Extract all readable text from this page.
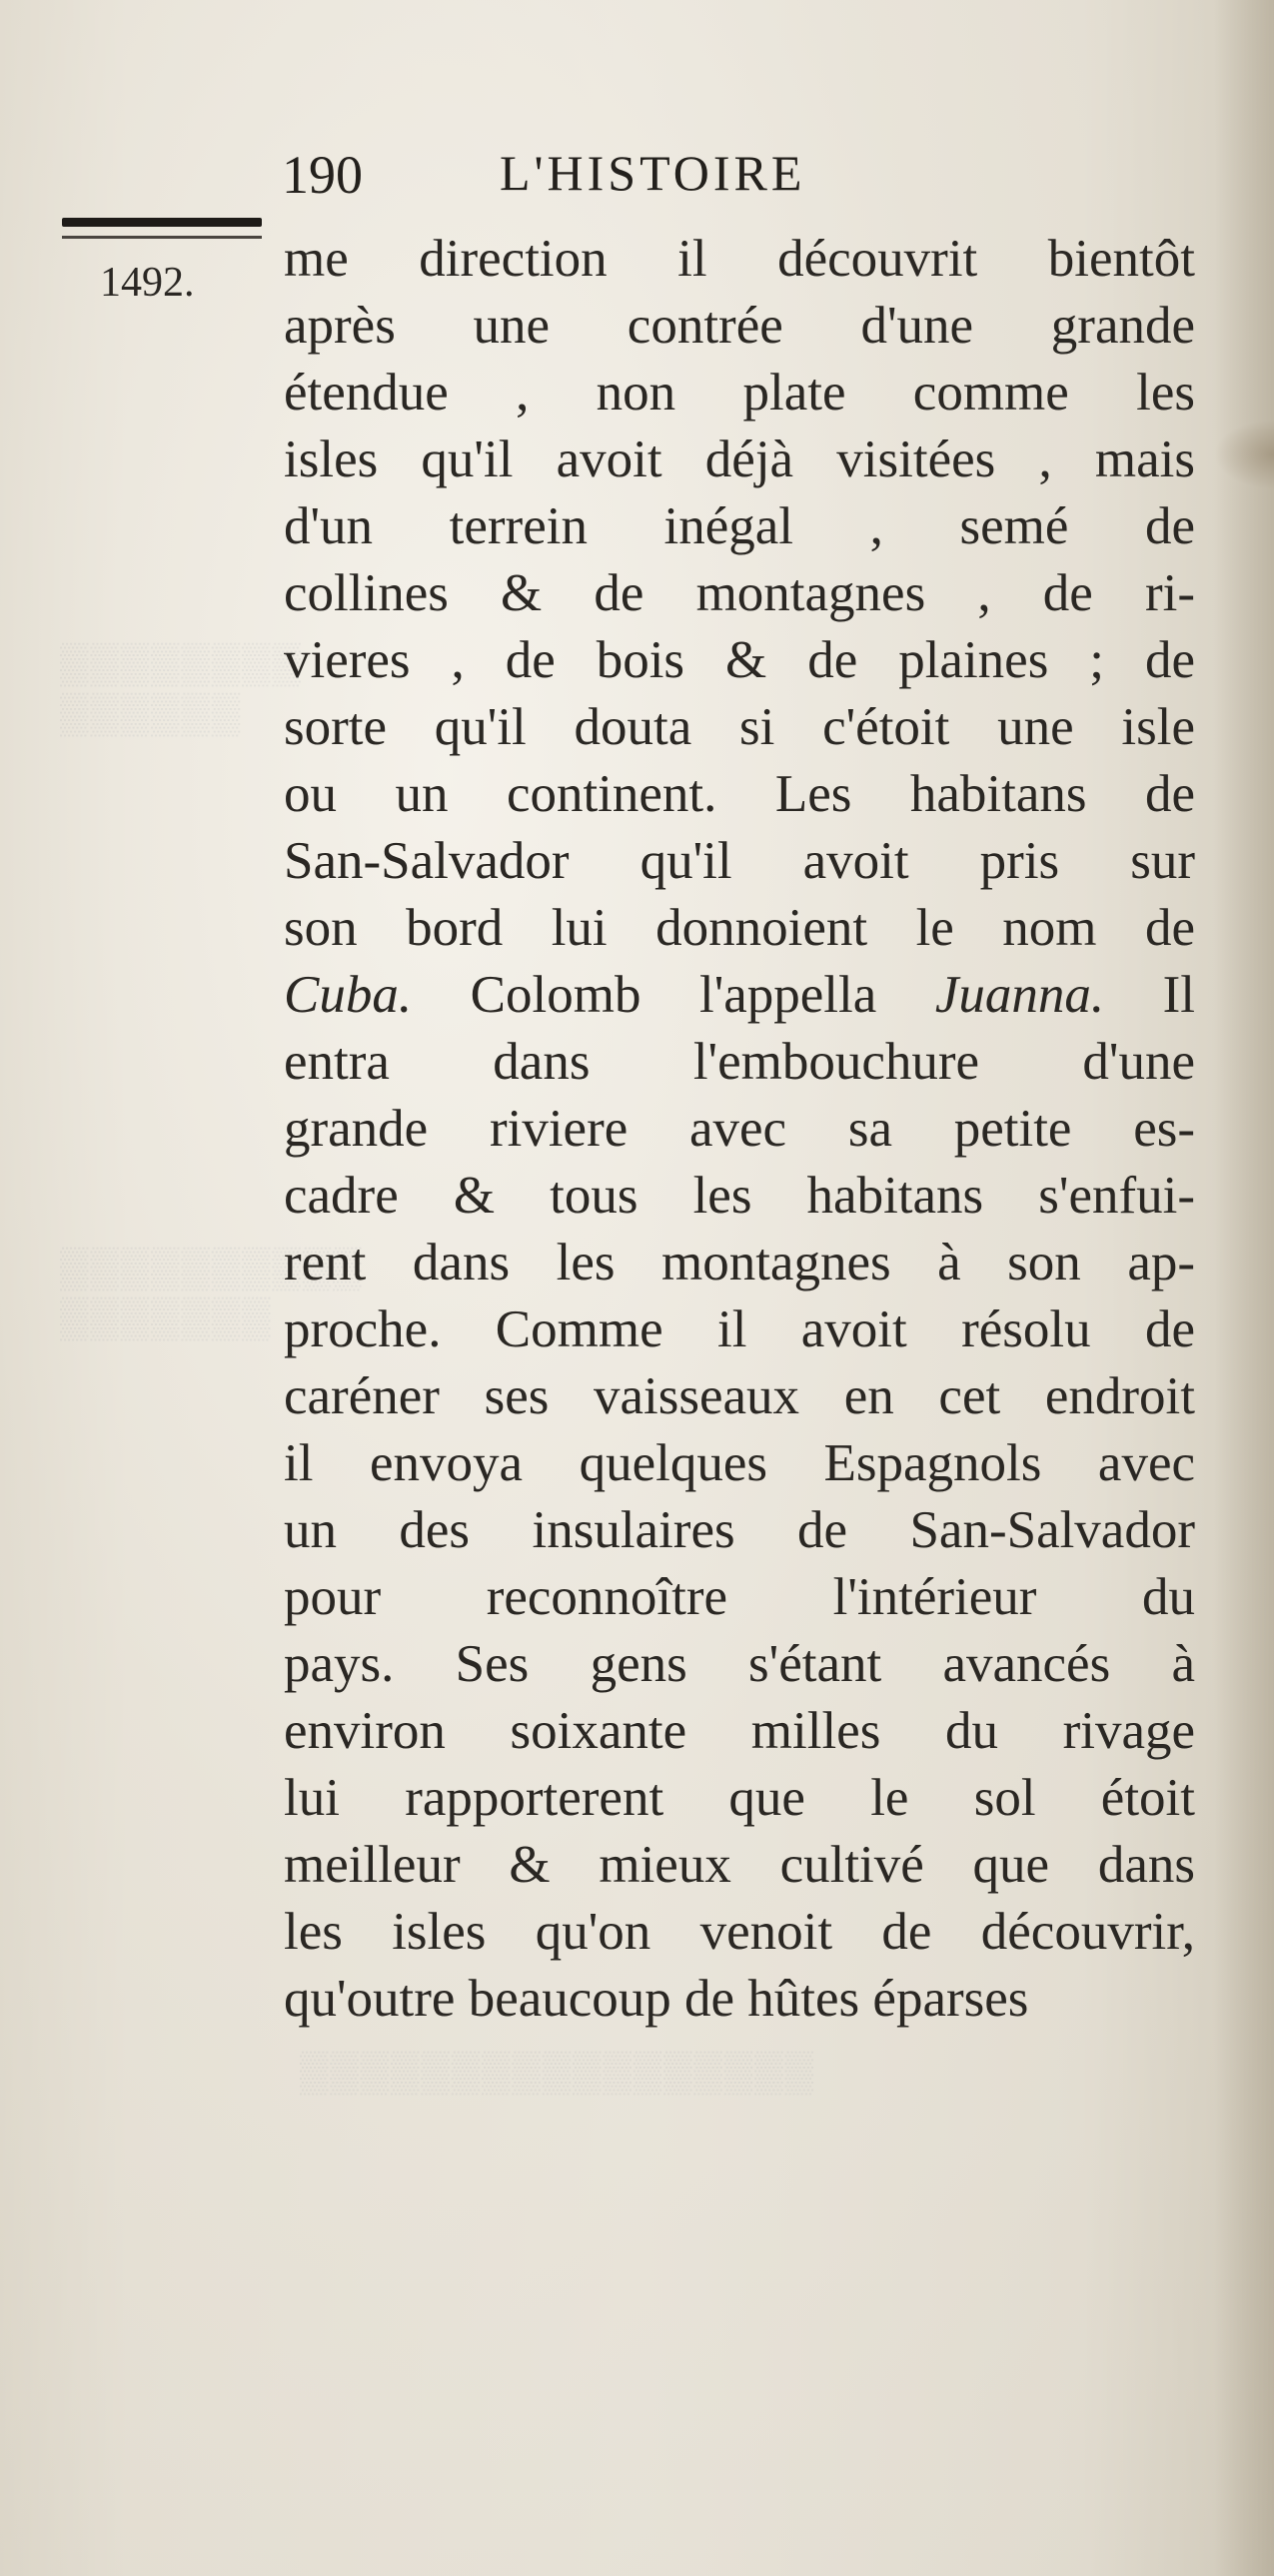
▒▒▒▒▒▒▒▒
▒▒▒▒▒▒
▒▒▒▒▒▒▒▒▒▒
▒▒▒▒▒▒▒
▒▒▒▒▒▒▒▒▒▒▒▒▒▒▒▒▒
190	L'HISTOIRE
1492. me direction il découvrit bientôt
après une contrée d'une grande
étendue , non plate comme les
isles qu'il avoit déjà visitées , mais
d'un terrein inégal , semé de
collines & de montagnes , de ri-
vieres , de bois & de plaines ; de
sorte qu'il douta si c'étoit une isle
ou un continent. Les habitans de
San-Salvador qu'il avoit pris sur
son bord lui donnoient le nom de
Cuba. Colomb l'appella Juanna. Il
entra dans l'embouchure d'une
grande riviere avec sa petite es-
cadre & tous les habitans s'enfui-
rent dans les montagnes à son ap-
proche. Comme il avoit résolu de
caréner ses vaisseaux en cet endroit
il envoya quelques Espagnols avec
un des insulaires de San-Salvador
pour reconnoître l'intérieur du
pays. Ses gens s'étant avancés à
environ soixante milles du rivage
lui rapporterent que le sol étoit
meilleur & mieux cultivé que dans
les isles qu'on venoit de découvrir,
qu'outre beaucoup de hûtes éparses
